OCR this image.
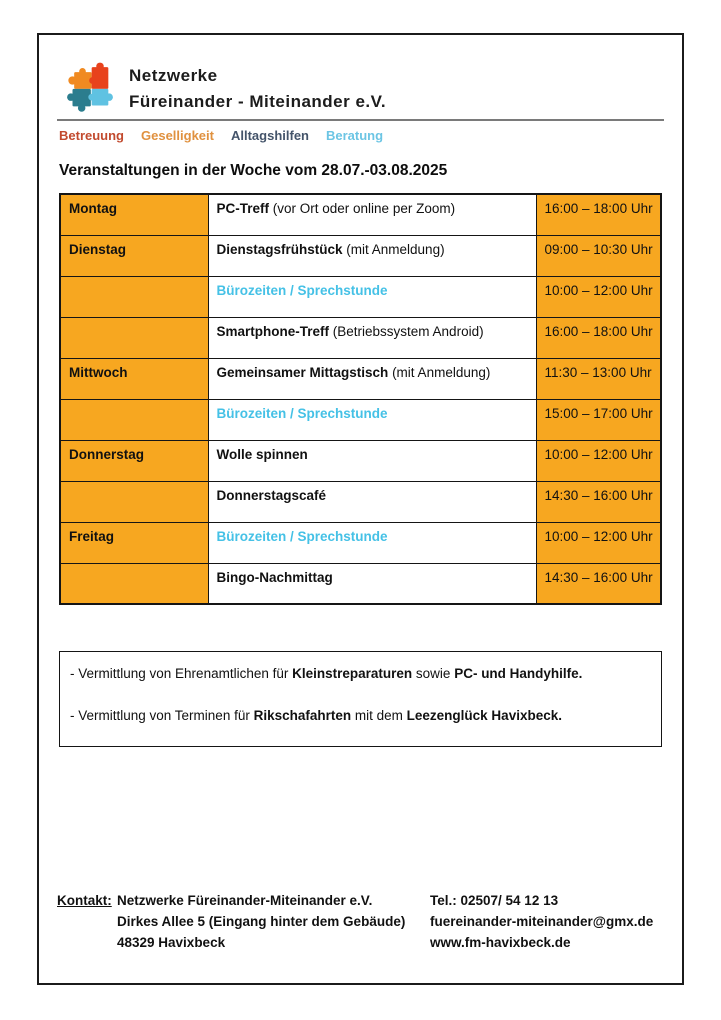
Netzwerke
Füreinander - Miteinander e.V.
Betreuung Geselligkeit Alltagshilfen Beratung
Veranstaltungen in der Woche vom 28.07.-03.08.2025
Montag	PC-Treff (vor Ort oder online per Zoom)	16:00 – 18:00 Uhr
Dienstag	Dienstagsfrühstück (mit Anmeldung)	09:00 – 10:30 Uhr
	Bürozeiten / Sprechstunde	10:00 – 12:00 Uhr
	Smartphone-Treff (Betriebssystem Android)	16:00 – 18:00 Uhr
Mittwoch	Gemeinsamer Mittagstisch (mit Anmeldung)	11:30 – 13:00 Uhr
	Bürozeiten / Sprechstunde	15:00 – 17:00 Uhr
Donnerstag	Wolle spinnen	10:00 – 12:00 Uhr
	Donnerstagscafé	14:30 – 16:00 Uhr
Freitag	Bürozeiten / Sprechstunde	10:00 – 12:00 Uhr
	Bingo-Nachmittag	14:30 – 16:00 Uhr
- Vermittlung von Ehrenamtlichen für Kleinstreparaturen sowie PC- und Handyhilfe.
- Vermittlung von Terminen für Rikschafahrten mit dem Leezenglück Havixbeck.
Kontakt: Netzwerke Füreinander-Miteinander e.V.
Dirkes Allee 5 (Eingang hinter dem Gebäude)
48329 Havixbeck
Tel.: 02507/ 54 12 13
fuereinander-miteinander@gmx.de
www.fm-havixbeck.de
